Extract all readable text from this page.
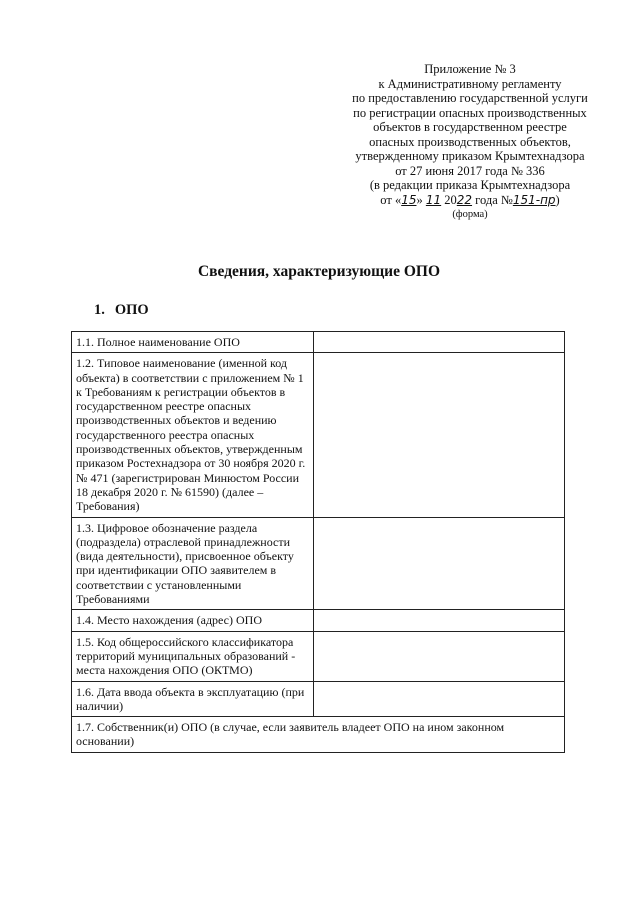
Приложение № 3
к Административному регламенту
по предоставлению государственной услуги
по регистрации опасных производственных
объектов в государственном реестре
опасных производственных объектов,
утвержденному приказом Крымтехнадзора
от 27 июня 2017 года № 336
(в редакции приказа Крымтехнадзора
от «15» 11 2022 года №151-пр)
(форма)
Сведения, характеризующие ОПО
1. ОПО
1.1. Полное наименование ОПО	
1.2. Типовое наименование (именной код объекта) в соответствии с приложением № 1 к Требованиям к регистрации объектов в государственном реестре опасных производственных объектов и ведению государственного реестра опасных производственных объектов, утвержденным приказом Ростехнадзора от 30 ноября 2020 г. № 471 (зарегистрирован Минюстом России 18 декабря 2020 г. № 61590) (далее – Требования)	
1.3. Цифровое обозначение раздела (подраздела) отраслевой принадлежности (вида деятельности), присвоенное объекту при идентификации ОПО заявителем в соответствии с установленными Требованиями	
1.4. Место нахождения (адрес) ОПО	
1.5. Код общероссийского классификатора территорий муниципальных образований - места нахождения ОПО (ОКТМО)	
1.6. Дата ввода объекта в эксплуатацию (при наличии)	
1.7. Собственник(и) ОПО (в случае, если заявитель владеет ОПО на ином законном основании)	
